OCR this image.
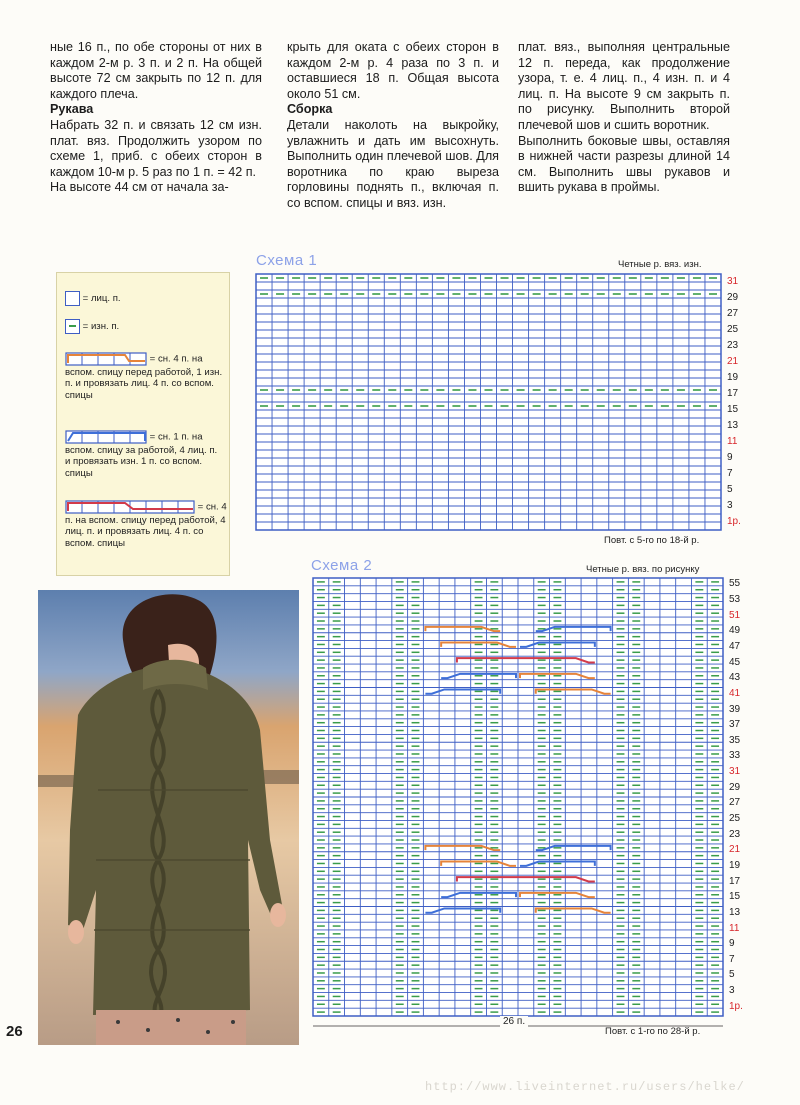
ные 16 п., по обе стороны от них в каждом 2-м р. 3 п. и 2 п. На общей высоте 72 см закрыть по 12 п. для каждого плеча.

Рукава

Набрать 32 п. и связать 12 см изн. плат. вяз. Продолжить узором по схеме 1, приб. с обеих сторон в каждом 10-м р. 5 раз по 1 п. = 42 п.

На высоте 44 см от начала за-

крыть для оката с обеих сторон в каждом 2-м р. 4 раза по 3 п. и оставшиеся 18 п. Общая высота около 51 см.

Сборка

Детали наколоть на выкройку, увлажнить и дать им высохнуть. Выполнить один плечевой шов. Для воротника по краю выреза горловины поднять п., включая п. со вспом. спицы и вяз. изн.

плат. вяз., выполняя центральные 12 п. переда, как продолжение узора, т. е. 4 лиц. п., 4 изн. п. и 4 лиц. п. На высоте 9 см закрыть п. по рисунку. Выполнить второй плечевой шов и сшить воротник.

Выполнить боковые швы, оставляя в нижней части разрезы длиной 14 см. Выполнить швы рукавов и вшить рукава в проймы.

= лиц. п.
= изн. п.
= сн. 4 п. на вспом. спицу перед работой, 1 изн. п. и провязать лиц. 4 п. со вспом. спицы
= сн. 1 п. на вспом. спицу за работой, 4 лиц. п. и провязать изн. 1 п. со вспом. спицы
= сн. 4 п. на вспом. спицу перед работой, 4 лиц. п. и провязать лиц. 4 п. со вспом. спицы
Схема 1	Четные р. вяз. изн.
31
29
27
25
23
21
19
17
15
13
11
9
7
5
3
1р.
Повт. с 5-го по 18-й р.
Схема 2	Четные р. вяз. по рисунку
55
53
51
49
47
45
43
41
39
37
35
33
31
29
27
25
23
21
19
17
15
13
11
9
7
5
3
1р.
26 п.
Повт. с 1-го по 28-й р.
26
http://www.liveinternet.ru/users/helke/
